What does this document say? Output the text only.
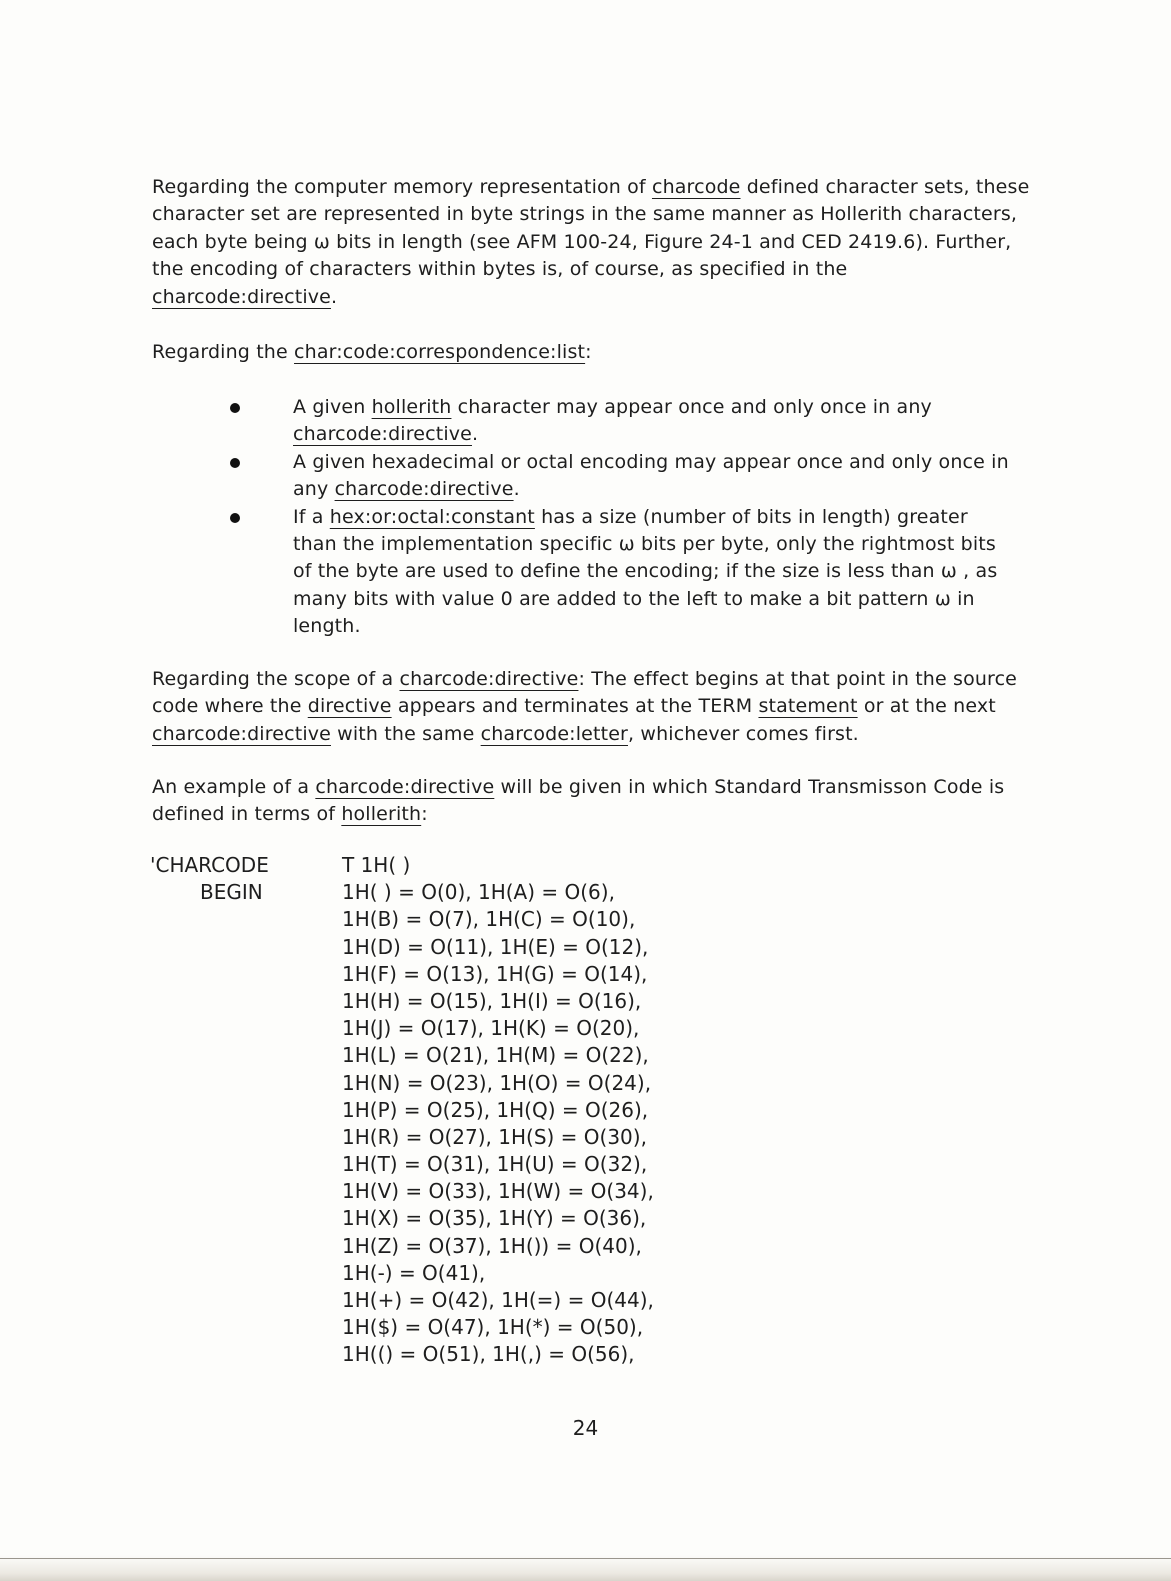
Regarding the computer memory representation of charcode defined character sets, these character set are represented in byte strings in the same manner as Hollerith characters, each byte being ω bits in length (see AFM 100-24, Figure 24-1 and CED 2419.6). Further, the encoding of characters within bytes is, of course, as specified in the charcode:directive.

Regarding the char:code:correspondence:list:

A given hollerith character may appear once and only once in any charcode:directive.
A given hexadecimal or octal encoding may appear once and only once in any charcode:directive.
If a hex:or:octal:constant has a size (number of bits in length) greater than the implementation specific ω bits per byte, only the rightmost bits of the byte are used to define the encoding; if the size is less than ω , as many bits with value 0 are added to the left to make a bit pattern ω in length.

Regarding the scope of a charcode:directive: The effect begins at that point in the source code where the directive appears and terminates at the TERM statement or at the next charcode:directive with the same charcode:letter, whichever comes first.

An example of a charcode:directive will be given in which Standard Transmisson Code is defined in terms of hollerith:

'CHARCODE

BEGIN

T 1H( )
1H( ) = O(0), 1H(A) = O(6),
1H(B) = O(7), 1H(C) = O(10),
1H(D) = O(11), 1H(E) = O(12),
1H(F) = O(13), 1H(G) = O(14),
1H(H) = O(15), 1H(I) = O(16),
1H(J) = O(17), 1H(K) = O(20),
1H(L) = O(21), 1H(M) = O(22),
1H(N) = O(23), 1H(O) = O(24),
1H(P) = O(25), 1H(Q) = O(26),
1H(R) = O(27), 1H(S) = O(30),
1H(T) = O(31), 1H(U) = O(32),
1H(V) = O(33), 1H(W) = O(34),
1H(X) = O(35), 1H(Y) = O(36),
1H(Z) = O(37), 1H()) = O(40),
1H(-) = O(41),
1H(+) = O(42), 1H(=) = O(44),
1H($) = O(47), 1H(*) = O(50),
1H(() = O(51), 1H(,) = O(56),

24
